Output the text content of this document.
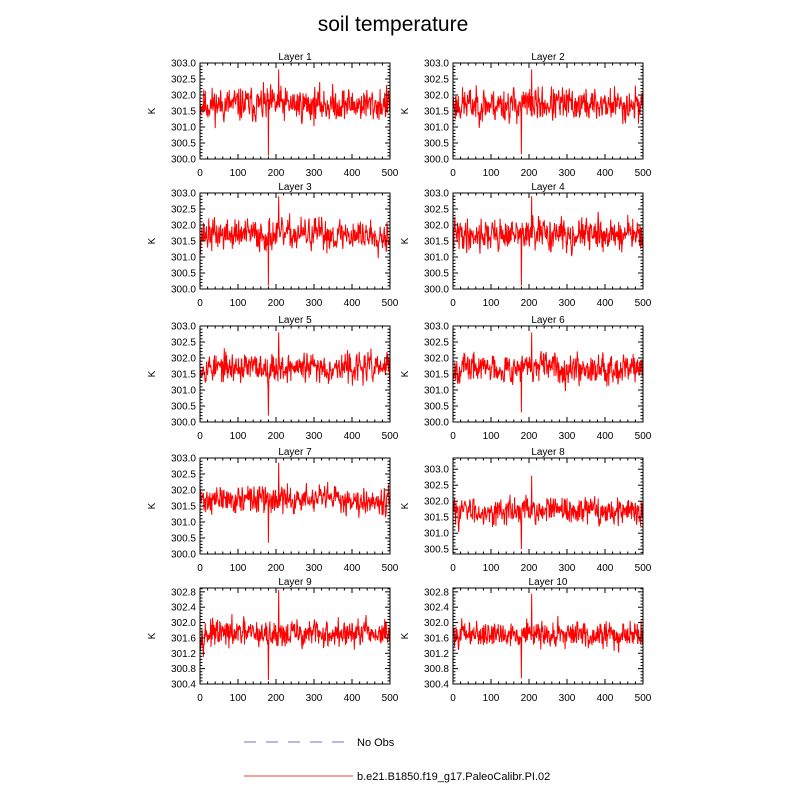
soil temperature
Layer 1
K
0	100 200 300 400 500
300.0
300.5
301.0
301.5
302.0
302.5
303.0
Layer 2
K
0	100 200 300 400 500
300.0
300.5
301.0
301.5
302.0
302.5
303.0
Layer 3
K
0	100 200 300 400 500
300.0
300.5
301.0
301.5
302.0
302.5
303.0
Layer 4
K
0	100 200 300 400 500
300.0
300.5
301.0
301.5
302.0
302.5
303.0
Layer 5
K
0	100 200 300 400 500
300.0
300.5
301.0
301.5
302.0
302.5
303.0
Layer 6
K
0	100 200 300 400 500
300.0
300.5
301.0
301.5
302.0
302.5
303.0
Layer 7
K
0	100 200 300 400 500
300.0
300.5
301.0
301.5
302.0
302.5
303.0
Layer 8
K
0	100 200 300 400 500
300.5
301.0
301.5
302.0
302.5
303.0
Layer 9
K
0	100 200 300 400 500
300.4
300.8
301.2
301.6
302.0
302.4
302.8
Layer 10
K
0	100 200 300 400 500
300.4
300.8
301.2
301.6
302.0
302.4
302.8
No Obs
b.e21.B1850.f19_g17.PaleoCalibr.PI.02
